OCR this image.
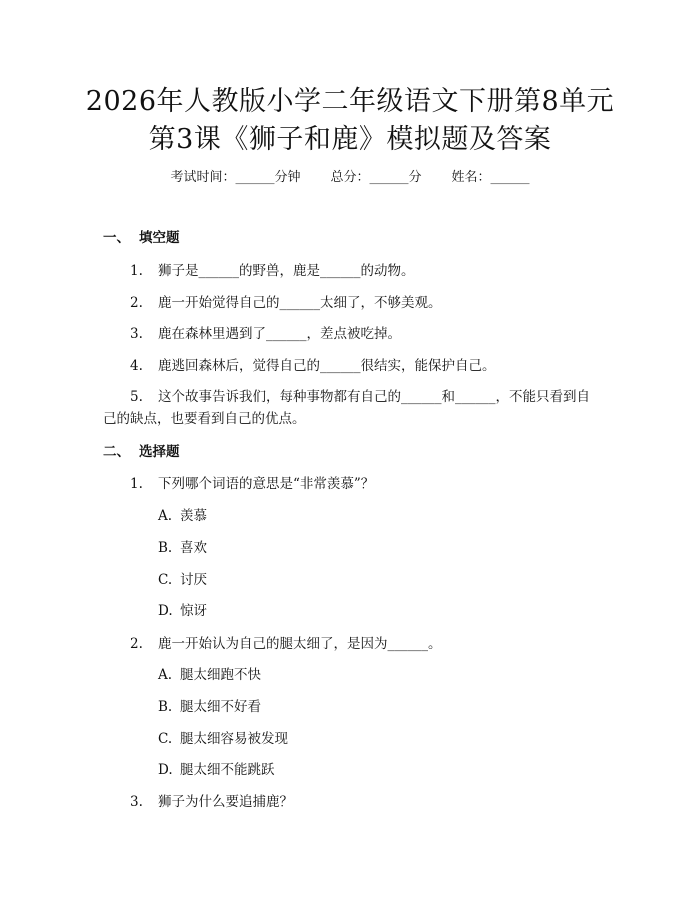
2026年人教版小学二年级语文下册第8单元
第3课《狮子和鹿》模拟题及答案
考试时间：______分钟 总分：______分 姓名：______
一、 填空题
1. 狮子是______的野兽，鹿是______的动物。
2. 鹿一开始觉得自己的______太细了，不够美观。
3. 鹿在森林里遇到了______，差点被吃掉。
4. 鹿逃回森林后，觉得自己的______很结实，能保护自己。
5. 这个故事告诉我们，每种事物都有自己的______和______，不能只看到自己的缺点，也要看到自己的优点。
二、 选择题
1. 下列哪个词语的意思是“非常羡慕”？
A. 羡慕
B. 喜欢
C. 讨厌
D. 惊讶
2. 鹿一开始认为自己的腿太细了，是因为______。
A. 腿太细跑不快
B. 腿太细不好看
C. 腿太细容易被发现
D. 腿太细不能跳跃
3. 狮子为什么要追捕鹿？
